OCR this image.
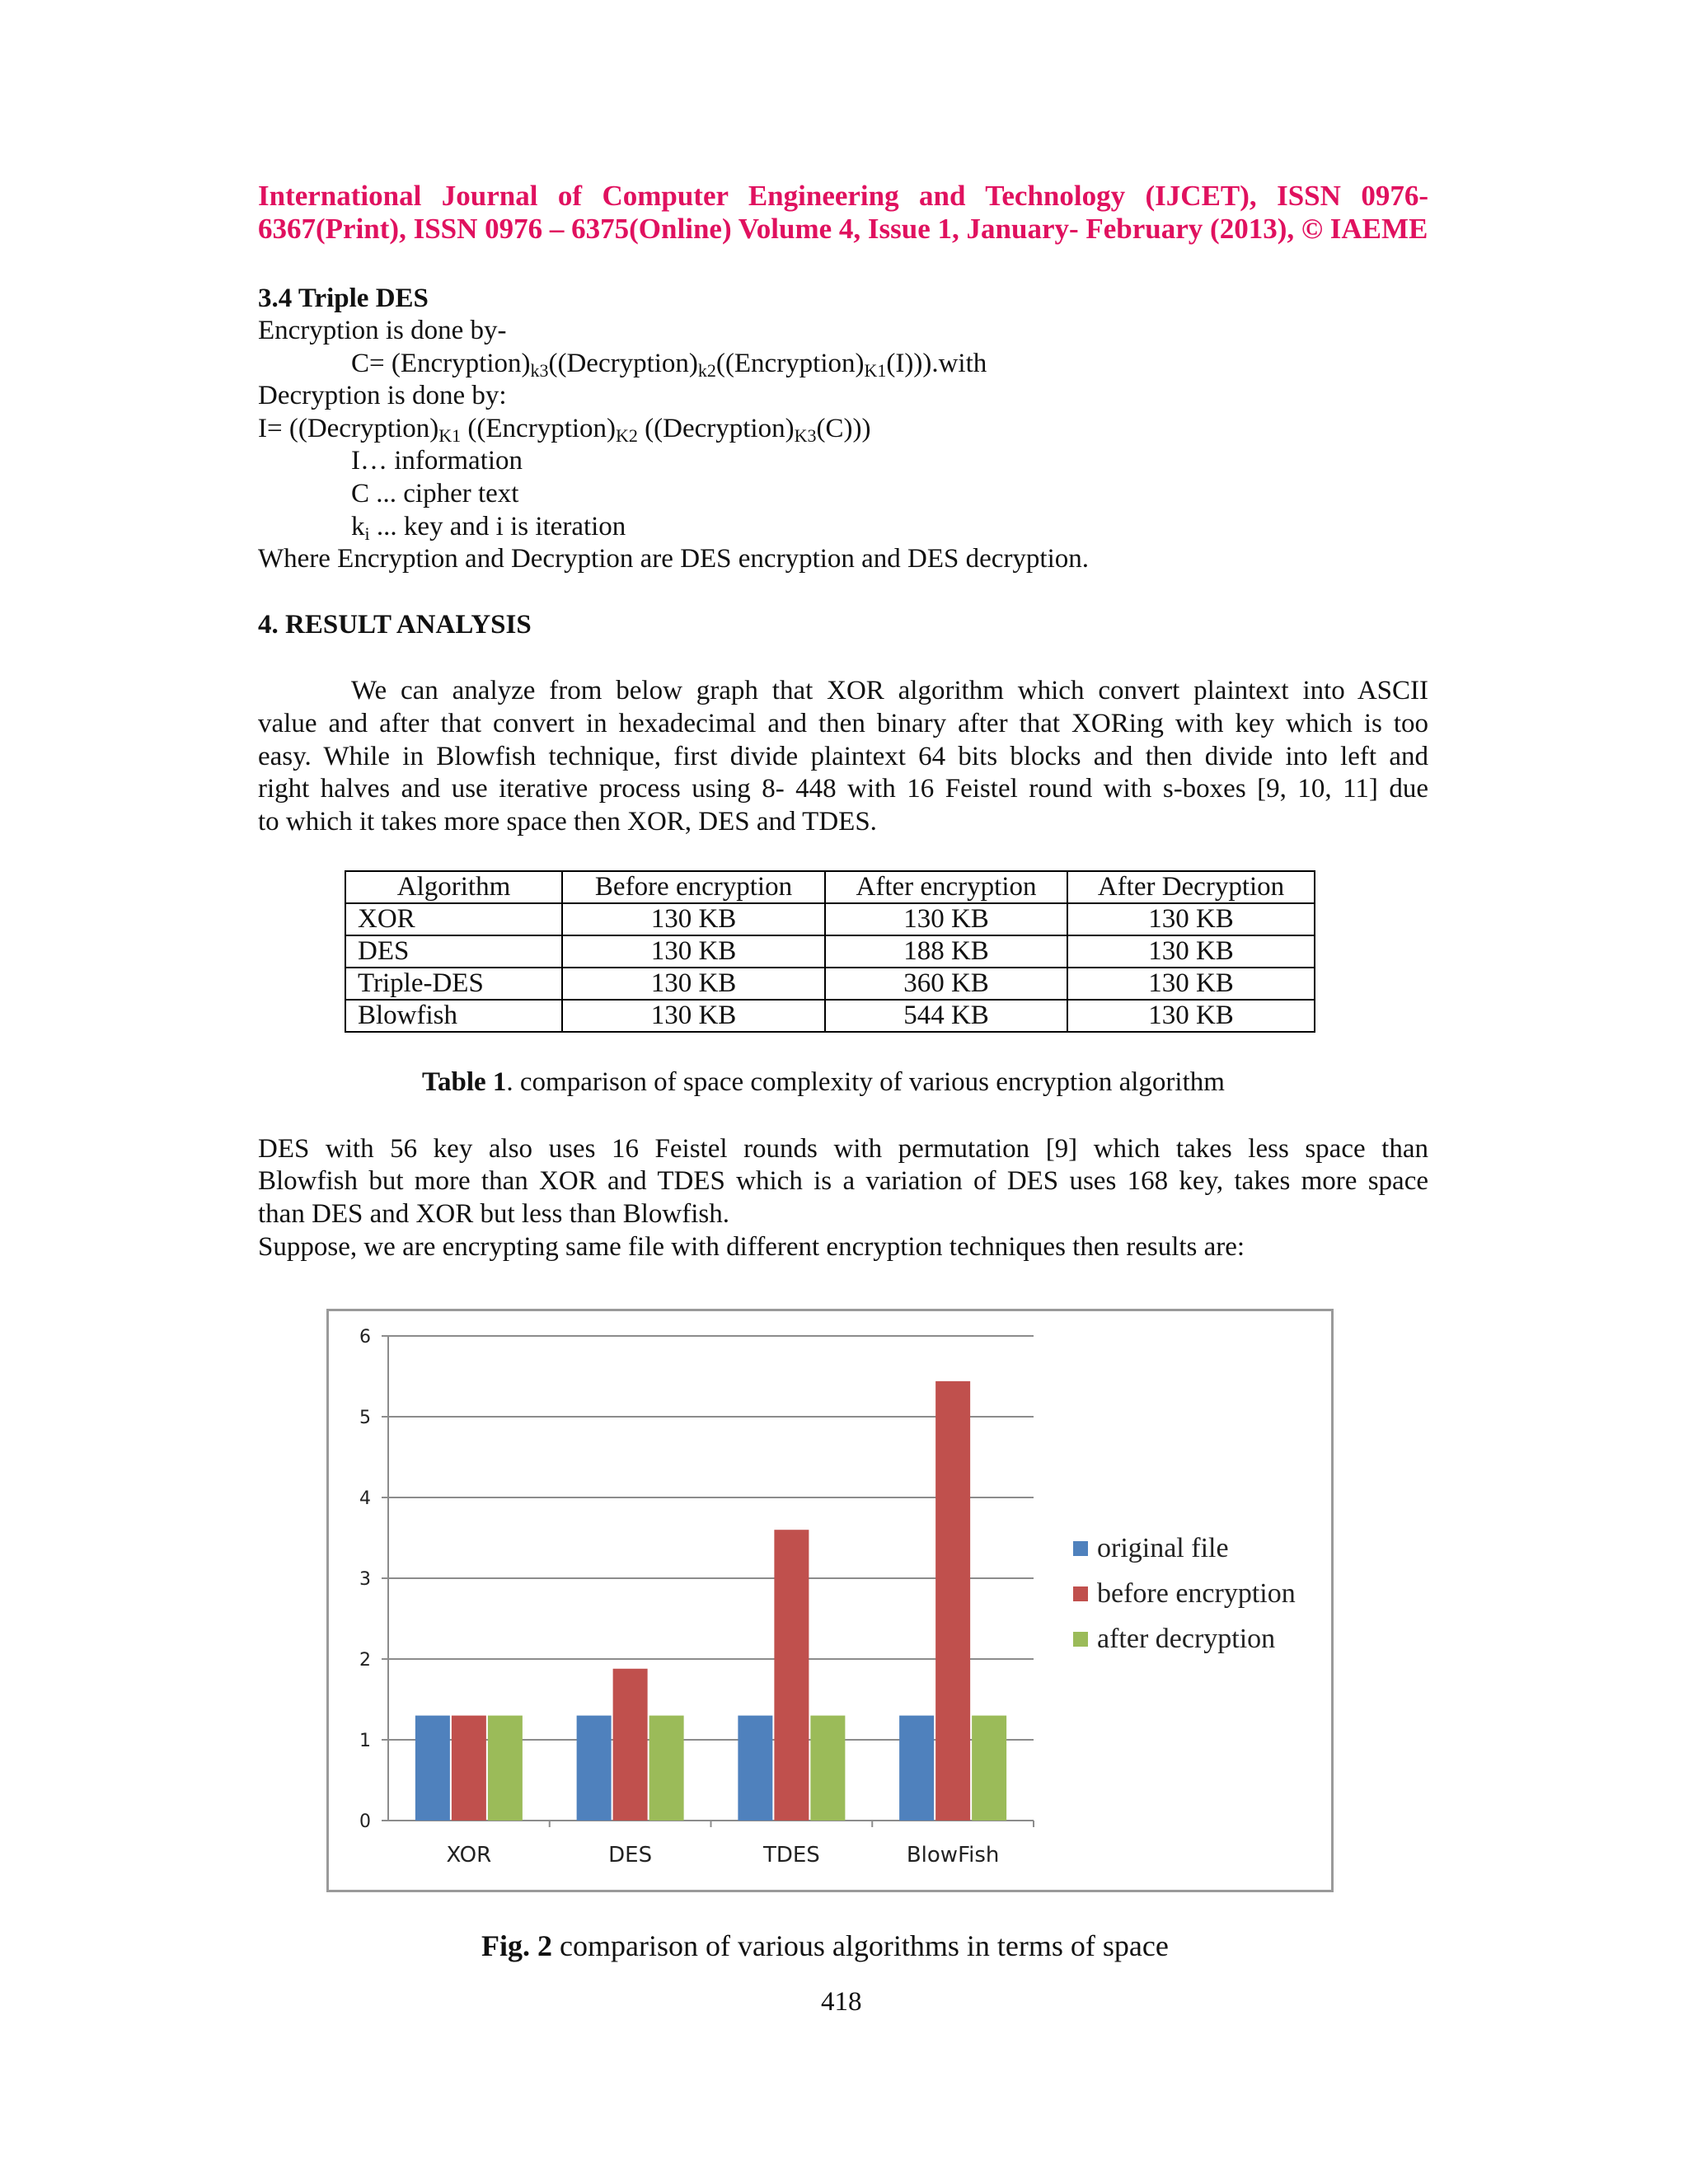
International Journal of Computer Engineering and Technology (IJCET), ISSN 0976-
6367(Print), ISSN 0976 – 6375(Online) Volume 4, Issue 1, January- February (2013), © IAEME
3.4 Triple DES
Encryption is done by-
$C= (Encryption)_{k3}((Decryption)_{k2}((Encryption)_{K1}(I))).with$
Decryption is done by:
$I= ((Decryption)_{K1}$ ($(Encryption)_{K2}$ $((Decryption)_{K3}(C))$)
I… information
C ... cipher text
$k_i$ ... key and i is iteration
Where Encryption and Decryption are DES encryption and DES decryption.
4. RESULT ANALYSIS
We can analyze from below graph that XOR algorithm which convert plaintext into ASCII
value and after that convert in hexadecimal and then binary after that XORing with key which is too
easy. While in Blowfish technique, first divide plaintext 64 bits blocks and then divide into left and
right halves and use iterative process using 8- 448 with 16 Feistel round with s-boxes [9, 10, 11] due
to which it takes more space then XOR, DES and TDES.
Algorithm	Before encryption	After encryption	After Decryption
XOR	130 KB	130 KB	130 KB
DES	130 KB	188 KB	130 KB
Triple-DES	130 KB	360 KB	130 KB
Blowfish	130 KB	544 KB	130 KB
Table 1. comparison of space complexity of various encryption algorithm
DES with 56 key also uses 16 Feistel rounds with permutation [9] which takes less space than
Blowfish but more than XOR and TDES which is a variation of DES uses 168 key, takes more space
than DES and XOR but less than Blowfish.
Suppose, we are encrypting same file with different encryption techniques then results are:
0
1
2
3
4
5
6
XOR	DES	TDES	BlowFish
original file
before encryption
after decryption
Fig. 2 comparison of various algorithms in terms of space
418
